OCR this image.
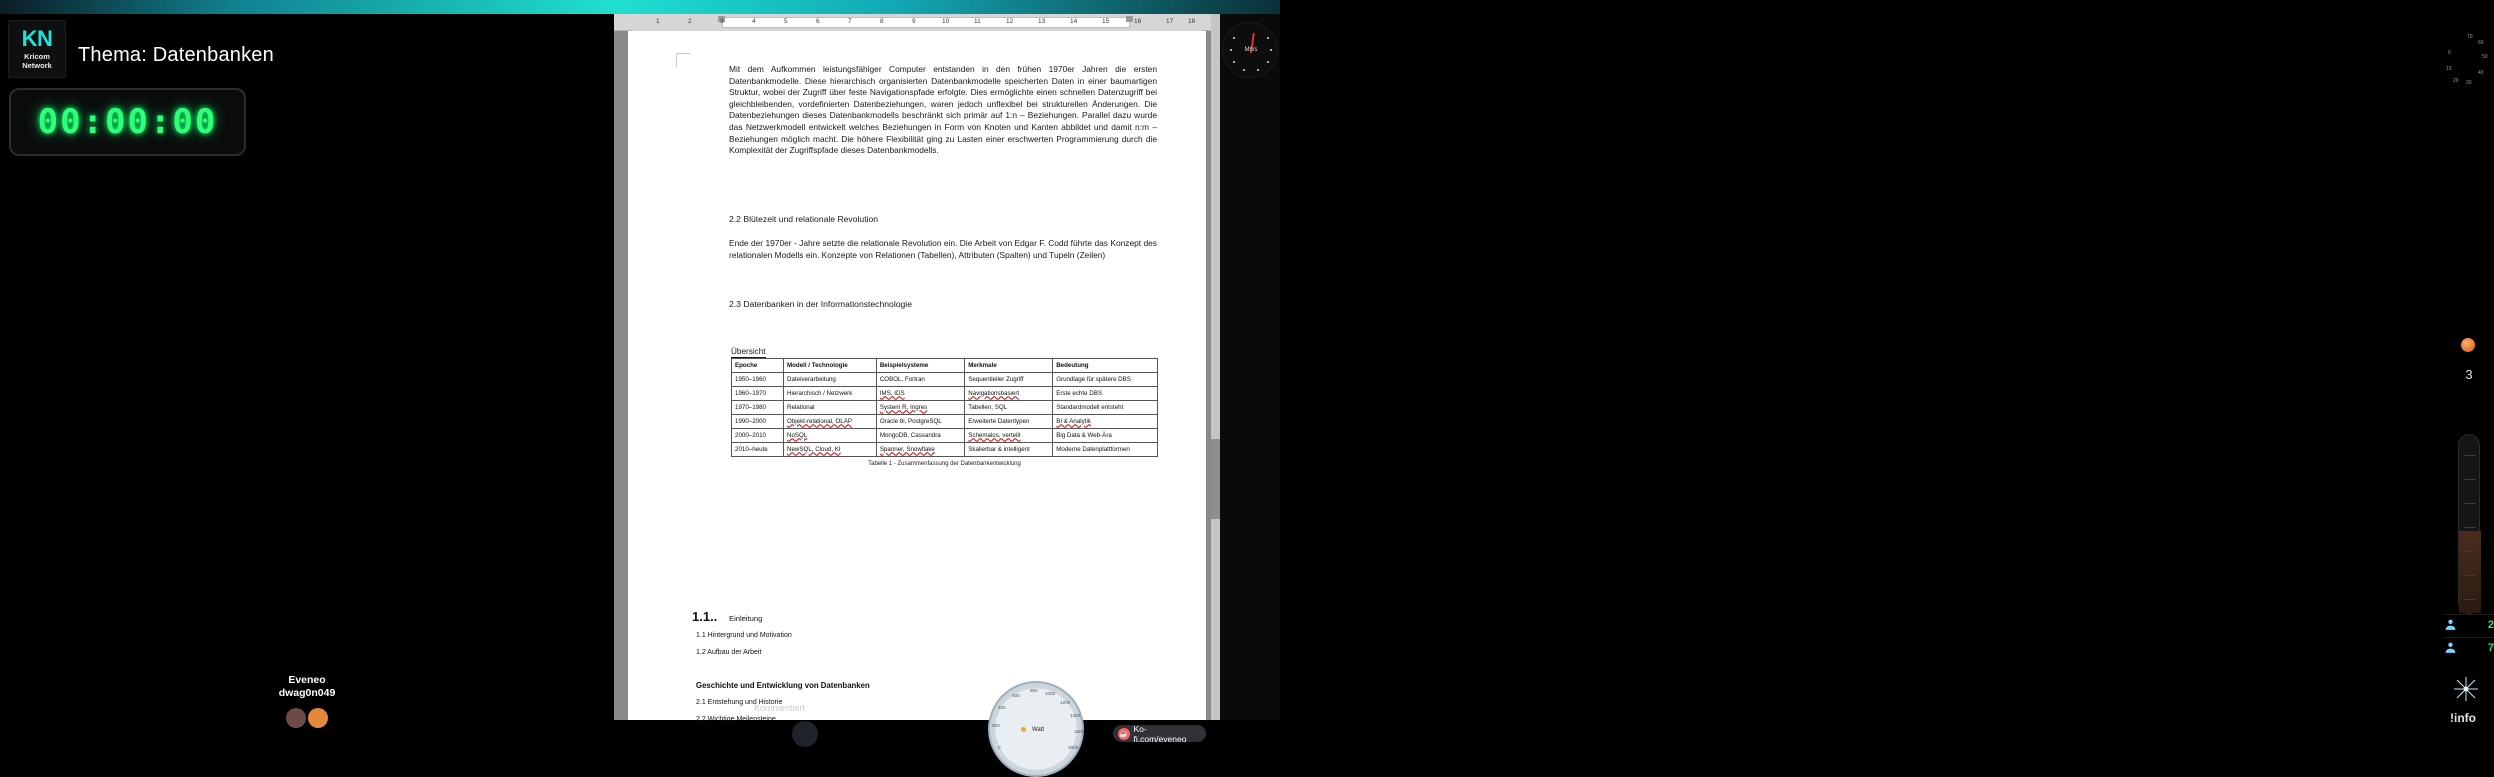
KN
Kricom
Network Thema: Datenbanken
00:00:00
Eveneo
dwag0n049
1	2	3	4	5	6	7	8	9	10	11	12	13	14	15	16	17 18
Mit dem Aufkommen leistungsfähiger Computer entstanden in den frühen 1970er Jahren die ersten Datenbankmodelle. Diese hierarchisch organisierten Datenbankmodelle speicherten Daten in einer baumartigen Struktur, wobei der Zugriff über feste Navigationspfade erfolgte. Dies ermöglichte einen schnellen Datenzugriff bei gleichbleibenden, vordefinierten Datenbeziehungen, waren jedoch unflexibel bei strukturellen Änderungen. Die Datenbeziehungen dieses Datenbankmodells beschränkt sich primär auf 1:n – Beziehungen. Parallel dazu wurde das Netzwerkmodell entwickelt welches Beziehungen in Form von Knoten und Kanten abbildet und damit n:m – Beziehungen möglich macht. Die höhere Flexibilität ging zu Lasten einer erschwerten Programmierung durch die Komplexität der Zugriffspfade dieses Datenbankmodells.
2.2 Blütezeit und relationale Revolution
Ende der 1970er - Jahre setzte die relationale Revolution ein. Die Arbeit von Edgar F. Codd führte das Konzept des relationalen Modells ein. Konzepte von Relationen (Tabellen), Attributen (Spalten) und Tupeln (Zeilen)
2.3 Datenbanken in der Informationstechnologie
Übersicht
Epoche	Modell / Technologie	Beispielsysteme	Merkmale	Bedeutung
1950–1960	Dateiverarbeitung	COBOL, Fortran	Sequentieller Zugriff	Grundlage für spätere DBS
1960–1970	Hierarchisch / Netzwerk	IMS, IDS	Navigationsbasiert	Erste echte DBS
1970–1980	Relational	System R, Ingres	Tabellen, SQL	Standardmodell entsteht
1990–2000	Objekt-relational, OLAP	Oracle 8i, PostgreSQL	Erweiterte Datentypen	BI & Analytik
2000–2010	NoSQL	MongoDB, Cassandra	Schemalos, verteilt	Big Data & Web-Ära
2010–heute	NewSQL, Cloud, KI	Spanner, Snowflake	Skalierbar & intelligent	Moderne Datenplattformen
Tabelle 1 - Zusammenfassung der Datenbankentwicklung
1.1.. Einleitung
1.1 Hintergrund und Motivation
1.2 Aufbau der Arbeit
Geschichte und Entwicklung von Datenbanken
2.1 Entstehung und Historie
2.2 Wichtige Meilensteine
Kommentiert
0
200
400
600
800
1000
1200
1400
1600
1800
Watt
☕
Ko-fi.com/eveneo
Mh/s	0
10
20 30
40
50
60
70
3
2
7
!info
